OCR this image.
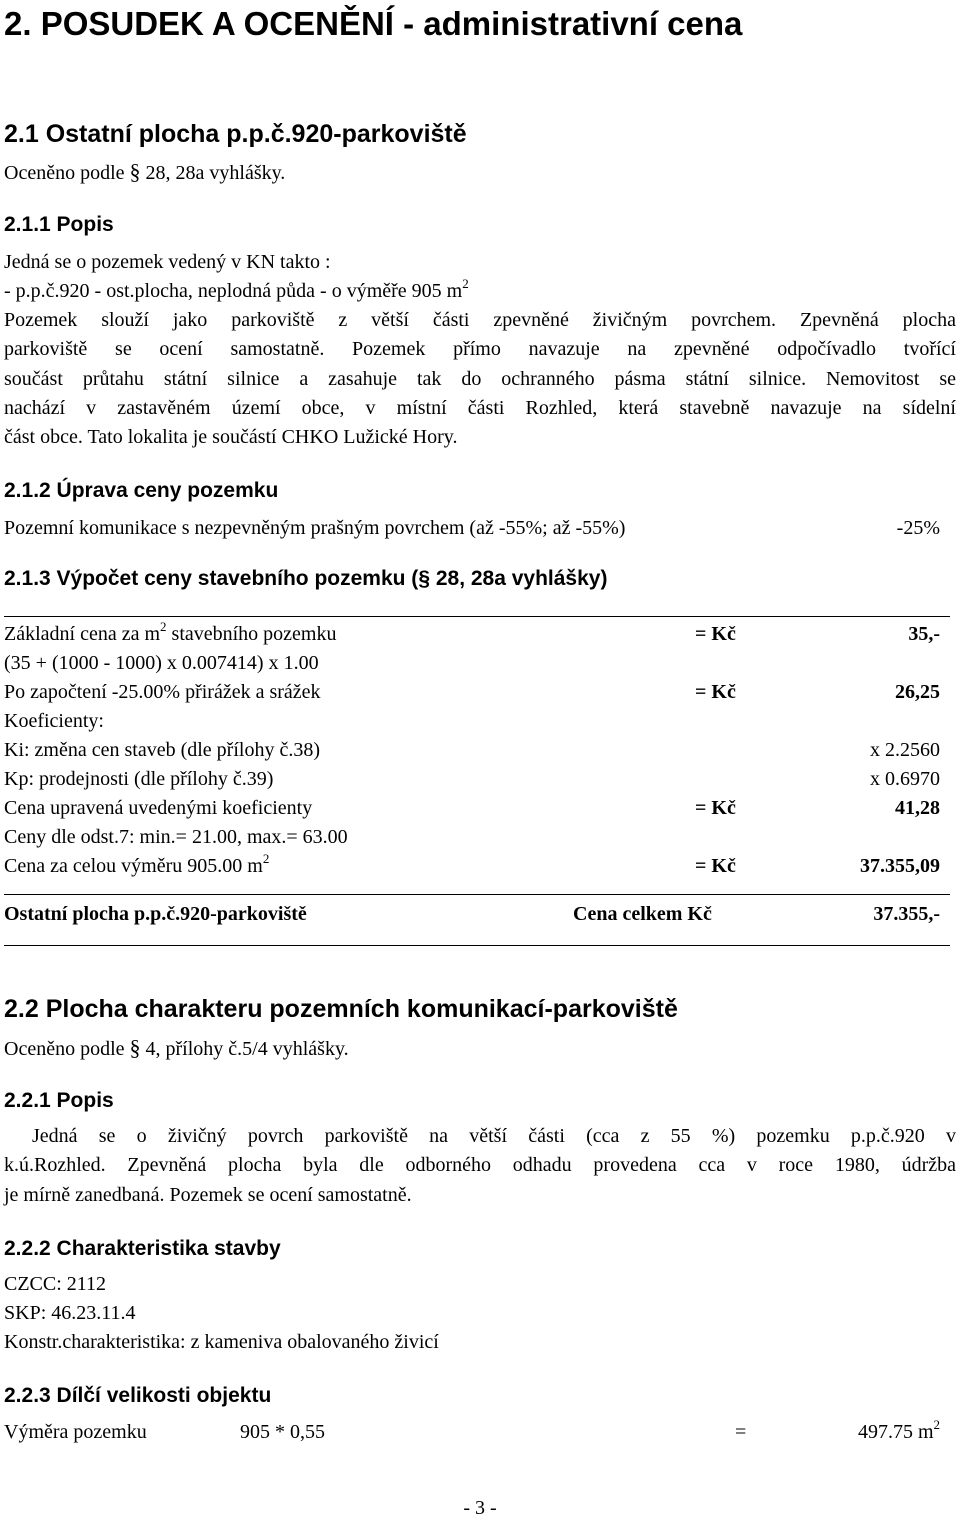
2. POSUDEK A OCENĚNÍ - administrativní cena
2.1 Ostatní plocha p.p.č.920-parkoviště
Oceněno podle § 28, 28a vyhlášky.
2.1.1 Popis
Jedná se o pozemek vedený v KN takto :
- p.p.č.920 - ost.plocha, neplodná půda - o výměře 905 $m^2$
Pozemek slouží jako parkoviště z větší části zpevněné živičným povrchem. Zpevněná plocha
parkoviště se ocení samostatně. Pozemek přímo navazuje na zpevněné odpočívadlo tvořící
součást průtahu státní silnice a zasahuje tak do ochranného pásma státní silnice. Nemovitost se
nachází v zastavěném území obce, v místní části Rozhled, která stavebně navazuje na sídelní
část obce. Tato lokalita je součástí CHKO Lužické Hory.
2.1.2 Úprava ceny pozemku
Pozemní komunikace s nezpevněným prašným povrchem (až -55%; až -55%)	-25%
2.1.3 Výpočet ceny stavebního pozemku (§ 28, 28a vyhlášky)
Základní cena za $m^2$ stavebního pozemku	= Kč	35,-
(35 + (1000 - 1000) x 0.007414) x 1.00
Po započtení -25.00% přirážek a srážek	= Kč	26,25
Koeficienty:
Ki: změna cen staveb (dle přílohy č.38)	x 2.2560
Kp: prodejnosti (dle přílohy č.39)	x 0.6970
Cena upravená uvedenými koeficienty	= Kč	41,28
Ceny dle odst.7: min.= 21.00, max.= 63.00
Cena za celou výměru 905.00 $m^2$	= Kč	37.355,09
Ostatní plocha p.p.č.920-parkoviště	Cena celkem Kč	37.355,-
2.2 Plocha charakteru pozemních komunikací-parkoviště
Oceněno podle § 4, přílohy č.5/4 vyhlášky.
2.2.1 Popis
Jedná se o živičný povrch parkoviště na větší části (cca z 55 %) pozemku p.p.č.920 v
k.ú.Rozhled. Zpevněná plocha byla dle odborného odhadu provedena cca v roce 1980, údržba
je mírně zanedbaná. Pozemek se ocení samostatně.
2.2.2 Charakteristika stavby
CZCC: 2112
SKP: 46.23.11.4
Konstr.charakteristika: z kameniva obalovaného živicí
2.2.3 Dílčí velikosti objektu
Výměra pozemku	905 * 0,55	=	497.75 $m^2$
- 3 -
